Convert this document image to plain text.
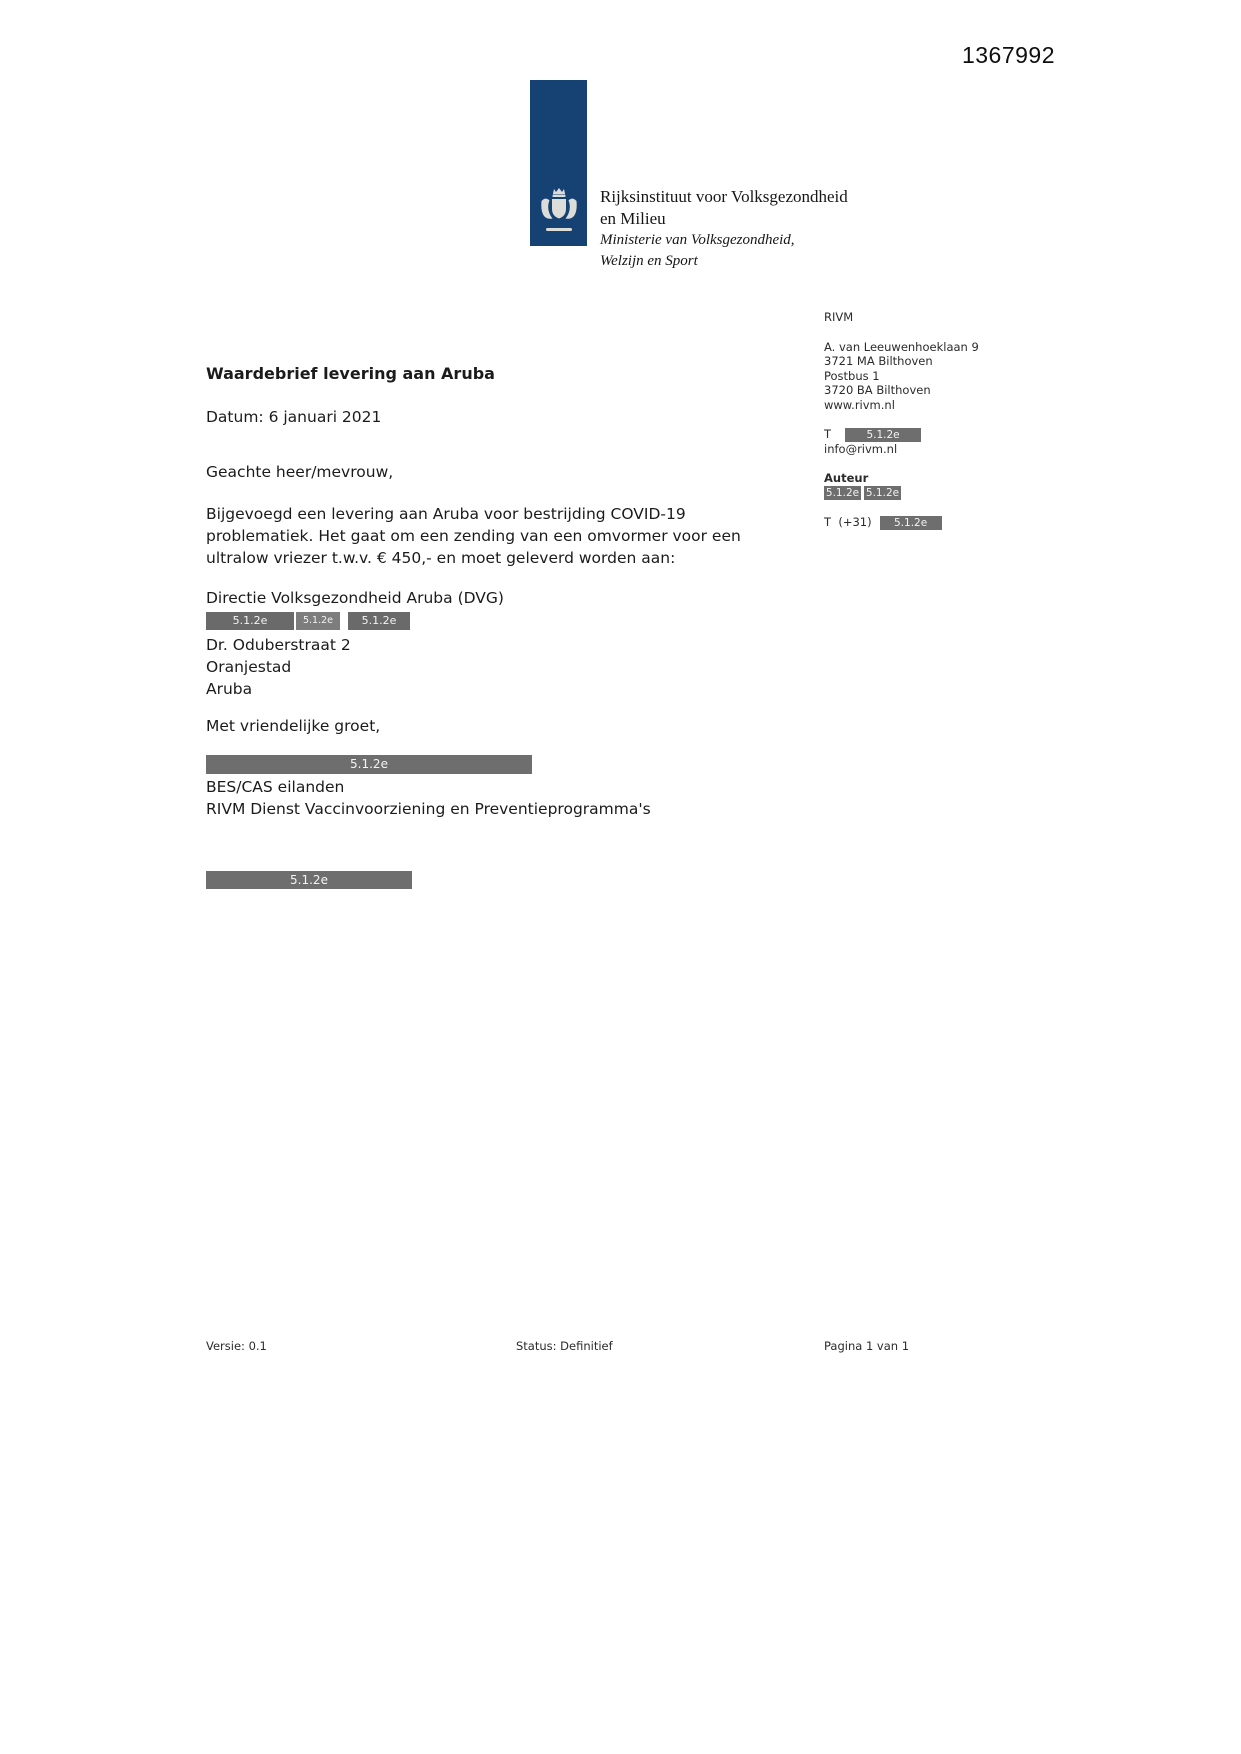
1367992
Rijksinstituut voor Volksgezondheid
en Milieu
Ministerie van Volksgezondheid,
Welzijn en Sport
RIVM
A. van Leeuwenhoeklaan 9
3721 MA Bilthoven
Postbus 1
3720 BA Bilthoven
www.rivm.nl
T	5.1.2e
info@rivm.nl
Auteur
5.1.2e 5.1.2e
T (+31) 5.1.2e
Waardebrief levering aan Aruba
Datum: 6 januari 2021
Geachte heer/mevrouw,
Bijgevoegd een levering aan Aruba voor bestrijding COVID-19
problematiek. Het gaat om een zending van een omvormer voor een
ultralow vriezer t.w.v. € 450,- en moet geleverd worden aan:
Directie Volksgezondheid Aruba (DVG)
5.1.2e	5.1.2e	5.1.2e
Dr. Oduberstraat 2
Oranjestad
Aruba
Met vriendelijke groet,
5.1.2e
BES/CAS eilanden
RIVM Dienst Vaccinvoorziening en Preventieprogramma's
5.1.2e
Versie: 0.1	Status: Definitief	Pagina 1 van 1
